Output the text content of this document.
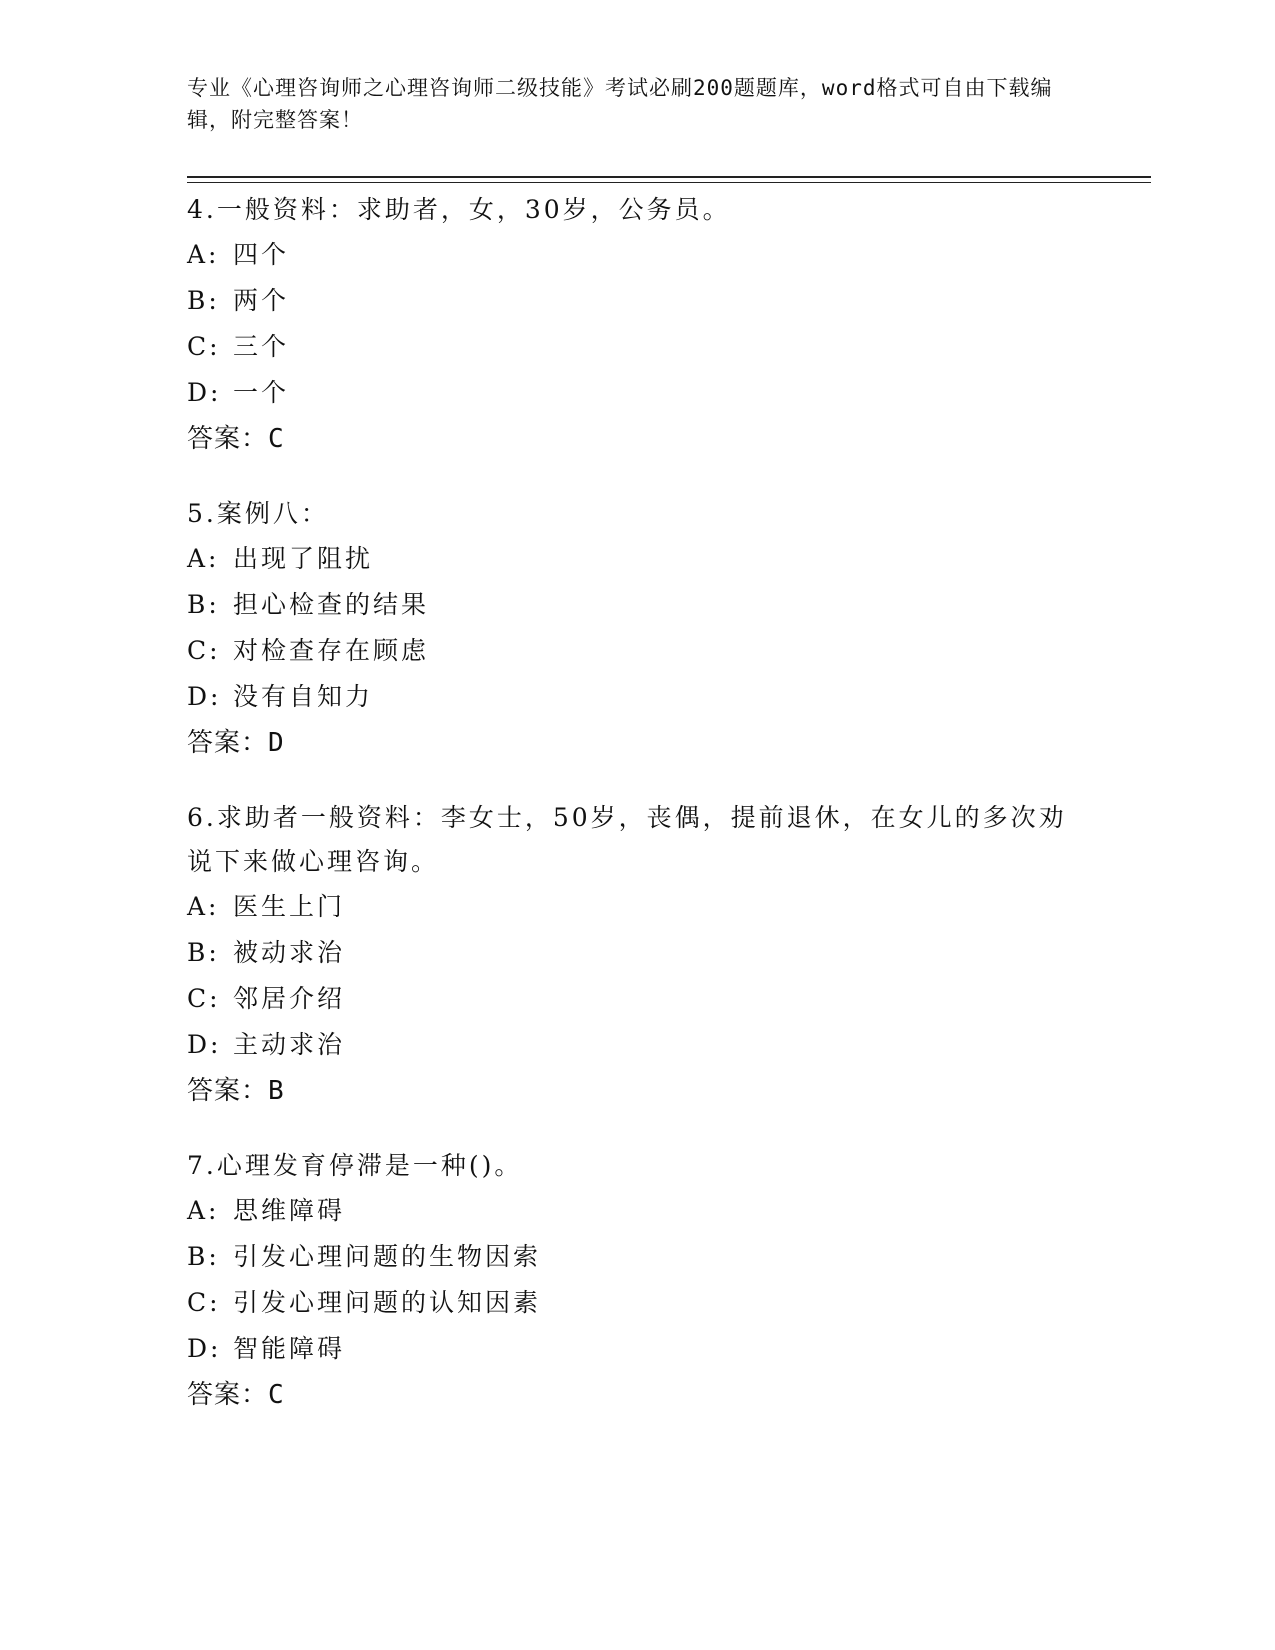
专业《心理咨询师之心理咨询师二级技能》考试必刷200题题库，word格式可自由下载编辑，附完整答案！
4.一般资料：求助者，女，30岁，公务员。
A: 四个
B: 两个
C: 三个
D: 一个
答案：C
5.案例八：
A: 出现了阻扰
B: 担心检查的结果
C: 对检查存在顾虑
D: 没有自知力
答案：D
6.求助者一般资料：李女士，50岁，丧偶，提前退休，在女儿的多次劝说下来做心理咨询。
A: 医生上门
B: 被动求治
C: 邻居介绍
D: 主动求治
答案：B
7.心理发育停滞是一种()。
A: 思维障碍
B: 引发心理问题的生物因索
C: 引发心理问题的认知因素
D: 智能障碍
答案：C
